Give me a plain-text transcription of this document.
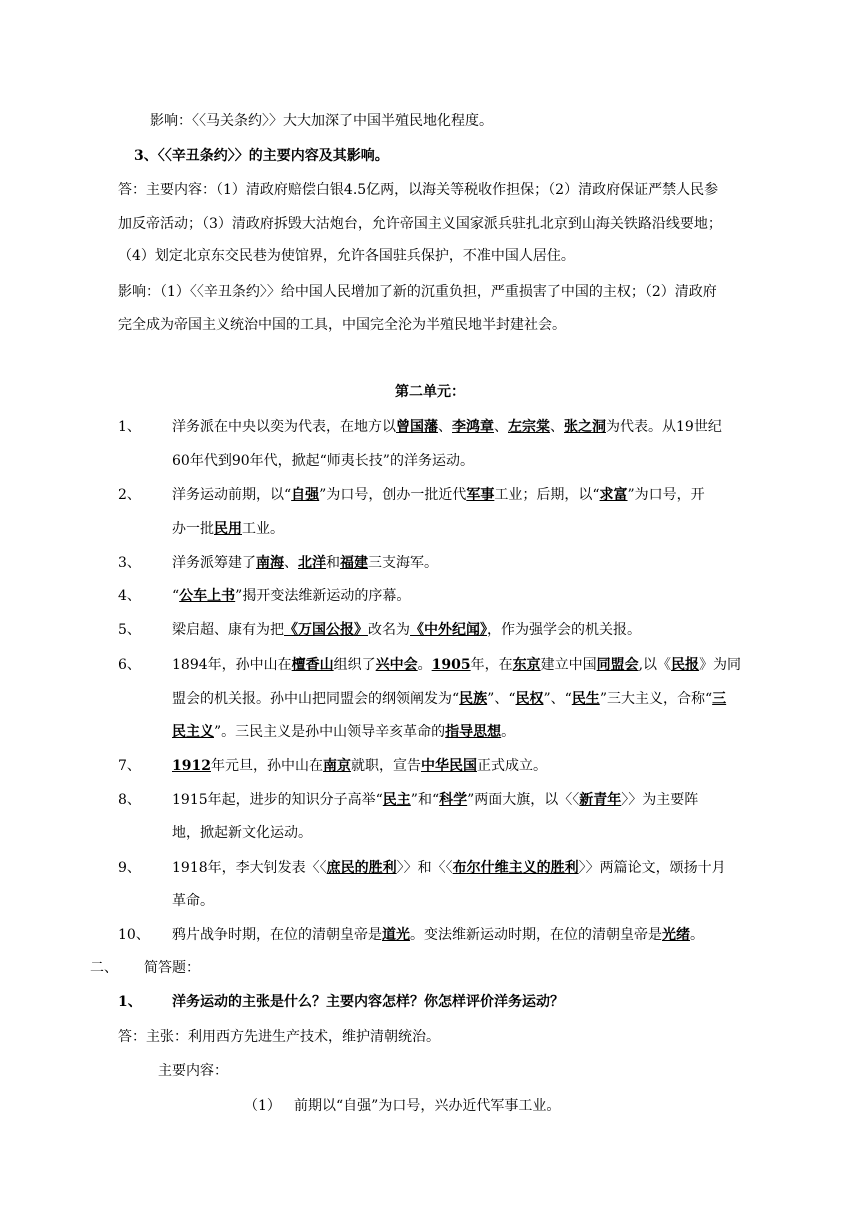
影响：〈〈马关条约〉〉大大加深了中国半殖民地化程度。
3、〈〈辛丑条约〉〉的主要内容及其影响。
答：主要内容：（1）清政府赔偿白银4.5亿两，以海关等税收作担保；（2）清政府保证严禁人民参
加反帝活动；（3）清政府拆毁大沽炮台，允许帝国主义国家派兵驻扎北京到山海关铁路沿线要地；
（4）划定北京东交民巷为使馆界，允许各国驻兵保护，不准中国人居住。
影响：（1）〈〈辛丑条约〉〉给中国人民增加了新的沉重负担，严重损害了中国的主权；（2）清政府
完全成为帝国主义统治中国的工具，中国完全沦为半殖民地半封建社会。
第二单元：
1、 洋务派在中央以奕为代表，在地方以曾国藩、李鸿章、左宗棠、张之洞为代表。从19世纪
60年代到90年代，掀起“师夷长技”的洋务运动。
2、 洋务运动前期，以“自强”为口号，创办一批近代军事工业；后期，以“求富”为口号，开
办一批民用工业。
3、 洋务派筹建了南海、北洋和福建三支海军。
4、 “公车上书”揭开变法维新运动的序幕。
5、 梁启超、康有为把《万国公报》改名为《中外纪闻》，作为强学会的机关报。
6、 1894年，孙中山在檀香山组织了兴中会。1905年，在东京建立中国同盟会,以《民报》为同
盟会的机关报。孙中山把同盟会的纲领阐发为“民族”、“民权”、“民生”三大主义，合称“三
民主义”。三民主义是孙中山领导辛亥革命的指导思想。
7、 1912年元旦，孙中山在南京就职，宣告中华民国正式成立。
8、 1915年起，进步的知识分子高举“民主”和“科学”两面大旗，以〈〈新青年〉〉为主要阵
地，掀起新文化运动。
9、 1918年，李大钊发表〈〈庶民的胜利〉〉和〈〈布尔什维主义的胜利〉〉两篇论文，颂扬十月
革命。
10、 鸦片战争时期，在位的清朝皇帝是道光。变法维新运动时期，在位的清朝皇帝是光绪。
二、 简答题：
1、 洋务运动的主张是什么？主要内容怎样？你怎样评价洋务运动？
答：主张：利用西方先进生产技术，维护清朝统治。
主要内容：
（1） 前期以“自强”为口号，兴办近代军事工业。
